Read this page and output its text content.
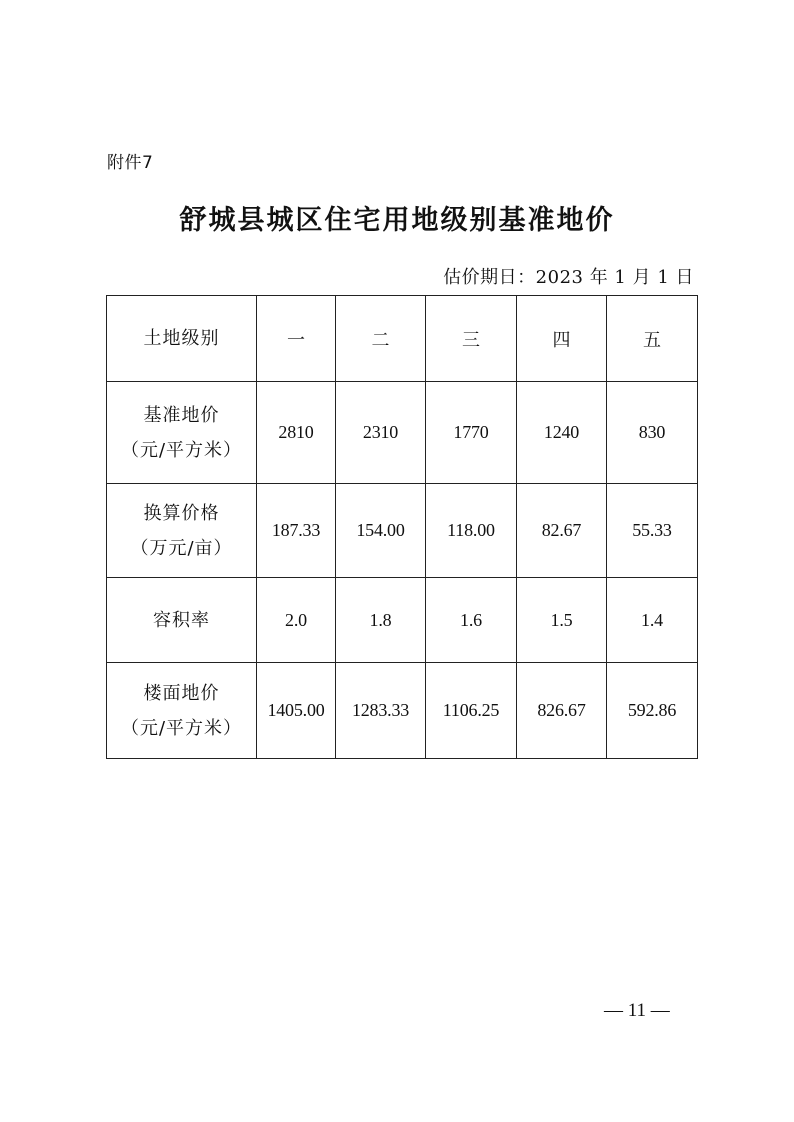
附件7
舒城县城区住宅用地级别基准地价
估价期日：2023 年 1 月 1 日
土地级别	一	二	三	四	五

基准地价
（元/平方米）	2810	2310	1770	1240	830

换算价格
（万元/亩）	187.33	154.00	118.00	82.67	55.33

容积率	2.0	1.8	1.6	1.5	1.4

楼面地价
（元/平方米）	1405.00	1283.33	1106.25	826.67	592.86
— 11 —
